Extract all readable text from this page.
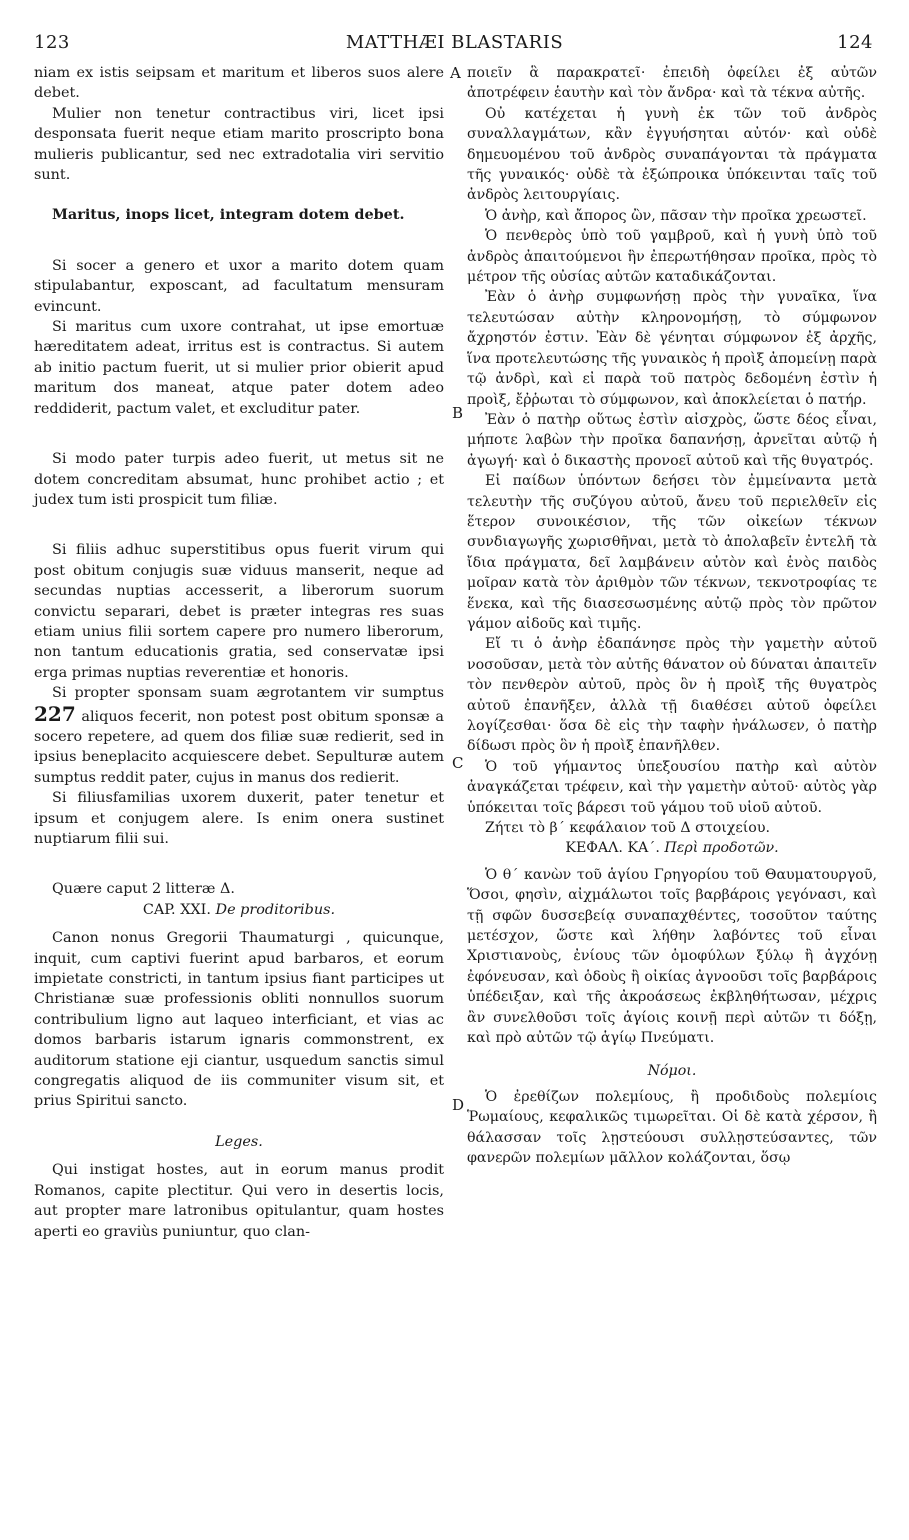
123	MATTHÆI BLASTARIS	124
A
B
C
D

niam ex istis seipsam et maritum et liberos suos alere debet.

Mulier non tenetur contractibus viri, licet ipsi desponsata fuerit neque etiam marito proscripto bona mulieris publicantur, sed nec extradotalia viri servitio sunt.

Maritus, inops licet, integram dotem debet.

Si socer a genero et uxor a marito dotem quam stipulabantur, exposcant, ad facultatum mensuram evincunt.

Si maritus cum uxore contrahat, ut ipse emortuæ hæreditatem adeat, irritus est is contractus. Si autem ab initio pactum fuerit, ut si mulier prior obierit apud maritum dos maneat, atque pater dotem adeo reddiderit, pactum valet, et excluditur pater.

Si modo pater turpis adeo fuerit, ut metus sit ne dotem concreditam absumat, hunc prohibet actio ; et judex tum isti prospicit tum filiæ.

Si filiis adhuc superstitibus opus fuerit virum qui post obitum conjugis suæ viduus manserit, neque ad secundas nuptias accesserit, a liberorum suorum convictu separari, debet is præter integras res suas etiam unius filii sortem capere pro numero liberorum, non tantum educationis gratia, sed conservatæ ipsi erga primas nuptias reverentiæ et honoris.

Si propter sponsam suam ægrotantem vir sumptus 227 aliquos fecerit, non potest post obitum sponsæ a socero repetere, ad quem dos filiæ suæ redierit, sed in ipsius beneplacito acquiescere debet. Sepulturæ autem sumptus reddit pater, cujus in manus dos redierit.

Si filiusfamilias uxorem duxerit, pater tenetur et ipsum et conjugem alere. Is enim onera sustinet nuptiarum filii sui.

Quære caput 2 litteræ Δ.

CAP. XXI. De proditoribus.

Canon nonus Gregorii Thaumaturgi , quicunque, inquit, cum captivi fuerint apud barbaros, et eorum impietate constricti, in tantum ipsius fiant participes ut Christianæ suæ professionis obliti nonnullos suorum contribulium ligno aut laqueo interficiant, et vias ac domos barbaris istarum ignaris commonstrent, ex auditorum statione eji ciantur, usquedum sanctis simul congregatis aliquod de iis communiter visum sit, et prius Spiritui sancto.

Leges.

Qui instigat hostes, aut in eorum manus prodit Romanos, capite plectitur. Qui vero in desertis locis, aut propter mare latronibus opitulantur, quam hostes aperti eo graviùs puniuntur, quo clan-

ποιεῖν ἃ παρακρατεῖ· ἐπειδὴ ὀφείλει ἐξ αὐτῶν ἀποτρέφειν ἑαυτὴν καὶ τὸν ἄνδρα· καὶ τὰ τέκνα αὐτῆς.

Οὐ κατέχεται ἡ γυνὴ ἐκ τῶν τοῦ ἀνδρὸς συναλλαγμάτων, κἂν ἐγγυήσηται αὐτόν· καὶ οὐδὲ δημευομένου τοῦ ἀνδρὸς συναπάγονται τὰ πράγματα τῆς γυναικός· οὐδὲ τὰ ἐξώπροικα ὑπόκεινται ταῖς τοῦ ἀνδρὸς λειτουργίαις.

Ὁ ἀνὴρ, καὶ ἄπορος ὢν, πᾶσαν τὴν προῖκα χρεωστεῖ.

Ὁ πενθερὸς ὑπὸ τοῦ γαμβροῦ, καὶ ἡ γυνὴ ὑπὸ τοῦ ἀνδρὸς ἀπαιτούμενοι ἣν ἐπερωτήθησαν προῖκα, πρὸς τὸ μέτρον τῆς οὐσίας αὐτῶν καταδικάζονται.

Ἐὰν ὁ ἀνὴρ συμφωνήσῃ πρὸς τὴν γυναῖκα, ἵνα τελευτώσαν αὐτὴν κληρονομήσῃ, τὸ σύμφωνον ἄχρηστόν ἐστιν. Ἐὰν δὲ γένηται σύμφωνον ἐξ ἀρχῆς, ἵνα προτελευτώσης τῆς γυναικὸς ἡ προὶξ ἀπομείνῃ παρὰ τῷ ἀνδρὶ, καὶ εἰ παρὰ τοῦ πατρὸς δεδομένη ἐστὶν ἡ προὶξ, ἔῤῥωται τὸ σύμφωνον, καὶ ἀποκλείεται ὁ πατήρ.

Ἐὰν ὁ πατὴρ οὕτως ἐστὶν αἰσχρὸς, ὥστε δέος εἶναι, μήποτε λαβὼν τὴν προῖκα δαπανήσῃ, ἀρνεῖται αὐτῷ ἡ ἀγωγή· καὶ ὁ δικαστὴς προνοεῖ αὐτοῦ καὶ τῆς θυγατρός.

Εἰ παίδων ὑπόντων δεήσει τὸν ἐμμείναντα μετὰ τελευτὴν τῆς συζύγου αὐτοῦ, ἄνευ τοῦ περιελθεῖν εἰς ἕτερον συνοικέσιον, τῆς τῶν οἰκείων τέκνων συνδιαγωγῆς χωρισθῆναι, μετὰ τὸ ἀπολαβεῖν ἐντελῆ τὰ ἴδια πράγματα, δεῖ λαμβάνειν αὐτὸν καὶ ἑνὸς παιδὸς μοῖραν κατὰ τὸν ἀριθμὸν τῶν τέκνων, τεκνοτροφίας τε ἕνεκα, καὶ τῆς διασεσωσμένης αὐτῷ πρὸς τὸν πρῶτον γάμον αἰδοῦς καὶ τιμῆς.

Εἴ τι ὁ ἀνὴρ ἐδαπάνησε πρὸς τὴν γαμετὴν αὐτοῦ νοσοῦσαν, μετὰ τὸν αὐτῆς θάνατον οὐ δύναται ἀπαιτεῖν τὸν πενθερὸν αὐτοῦ, πρὸς ὃν ἡ προὶξ τῆς θυγατρὸς αὐτοῦ ἐπανῆξεν, ἀλλὰ τῇ διαθέσει αὐτοῦ ὀφείλει λογίζεσθαι· ὅσα δὲ εἰς τὴν ταφὴν ἠνάλωσεν, ὁ πατὴρ δίδωσι πρὸς ὃν ἡ προὶξ ἐπανῆλθεν.

Ὁ τοῦ γήμαντος ὑπεξουσίου πατὴρ καὶ αὐτὸν ἀναγκάζεται τρέφειν, καὶ τὴν γαμετὴν αὐτοῦ· αὐτὸς γὰρ ὑπόκειται τοῖς βάρεσι τοῦ γάμου τοῦ υἱοῦ αὐτοῦ.

Ζήτει τὸ β΄ κεφάλαιον τοῦ Δ στοιχείου.

ΚΕΦΑΛ. ΚΑ΄. Περὶ προδοτῶν.

Ὁ θ΄ κανὼν τοῦ ἁγίου Γρηγορίου τοῦ Θαυματουργοῦ, Ὅσοι, φησὶν, αἰχμάλωτοι τοῖς βαρβάροις γεγόνασι, καὶ τῇ σφῶν δυσσεβείᾳ συναπαχθέντες, τοσοῦτον ταύτης μετέσχον, ὥστε καὶ λήθην λαβόντες τοῦ εἶναι Χριστιανοὺς, ἐνίους τῶν ὁμοφύλων ξύλῳ ἢ ἀγχόνῃ ἐφόνευσαν, καὶ ὁδοὺς ἢ οἰκίας ἀγνοοῦσι τοῖς βαρβάροις ὑπέδειξαν, καὶ τῆς ἀκροάσεως ἐκβληθήτωσαν, μέχρις ἂν συνελθοῦσι τοῖς ἁγίοις κοινῇ περὶ αὐτῶν τι δόξῃ, καὶ πρὸ αὐτῶν τῷ ἁγίῳ Πνεύματι.

Νόμοι.

Ὁ ἐρεθίζων πολεμίους, ἢ προδιδοὺς πολεμίοις Ῥωμαίους, κεφαλικῶς τιμωρεῖται. Οἱ δὲ κατὰ χέρσον, ἢ θάλασσαν τοῖς λῃστεύουσι συλλῃστεύσαντες, τῶν φανερῶν πολεμίων μᾶλλον κολάζονται, ὅσῳ
